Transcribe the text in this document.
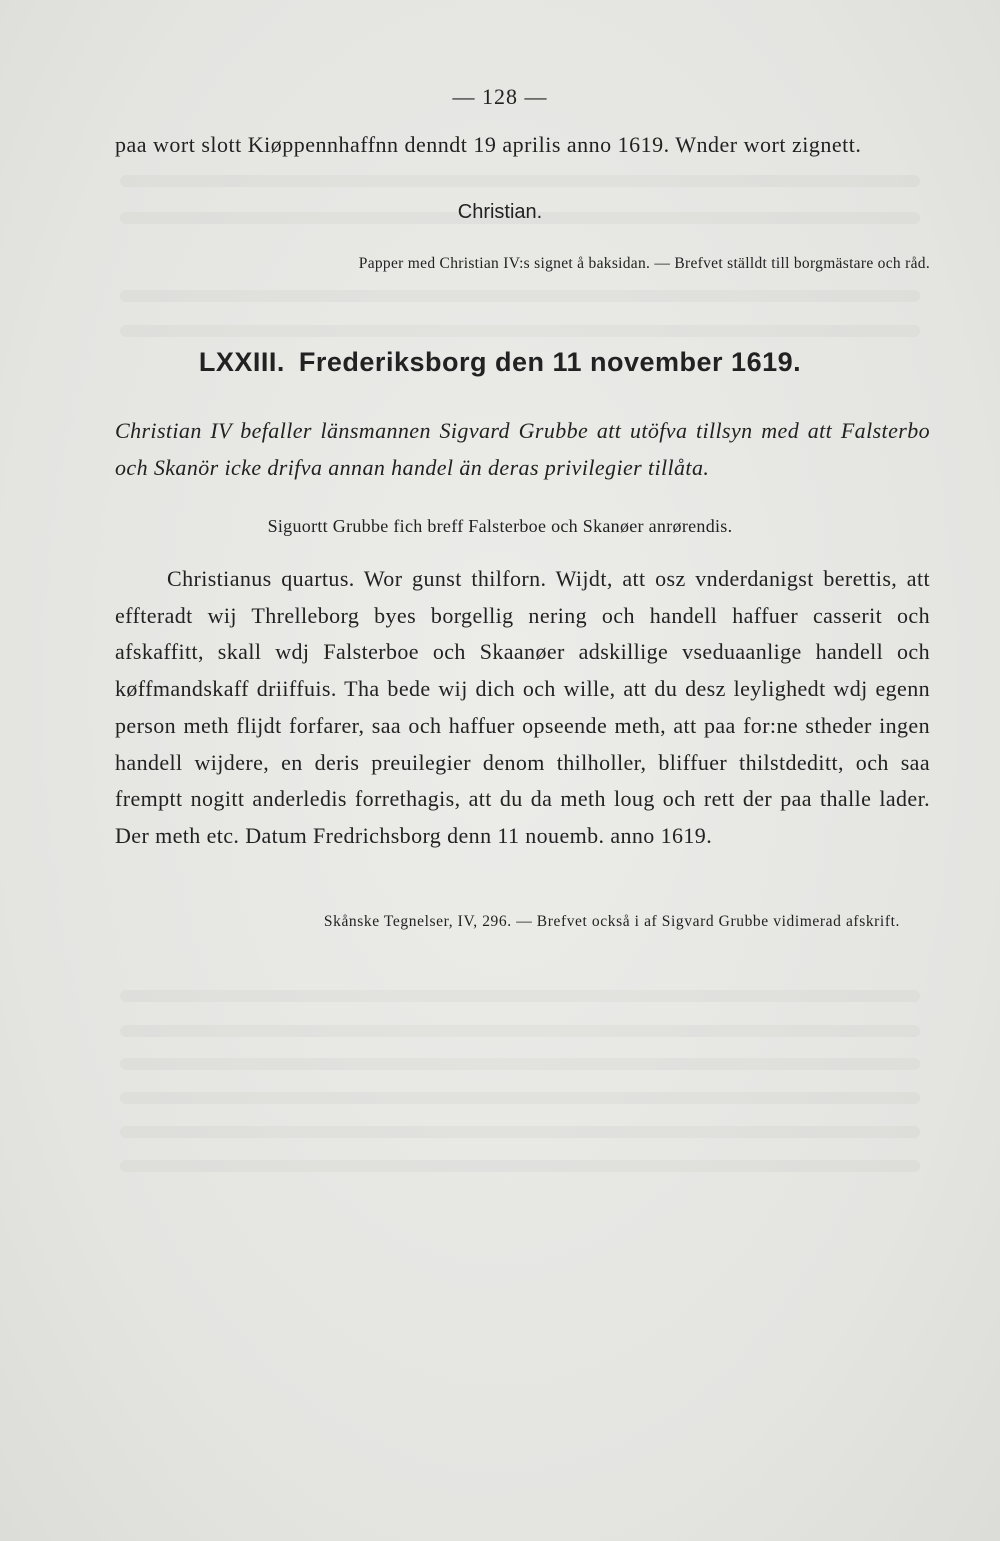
— 128 —
paa wort slott Kiøppennhaffnn denndt 19 aprilis anno 1619. Wnder wort zignett.
Christian.
Papper med Christian IV:s signet å baksidan. — Brefvet ställdt till borgmästare och råd.
LXXIII. Frederiksborg den 11 november 1619.
Christian IV befaller länsmannen Sigvard Grubbe att utöfva tillsyn med att Falsterbo och Skanör icke drifva annan handel än deras privilegier tillåta.
Siguortt Grubbe fich breff Falsterboe och Skanøer anrørendis.
Christianus quartus. Wor gunst thilforn. Wijdt, att osz vnderdanigst berettis, att effteradt wij Threlleborg byes borgellig nering och handell haffuer casserit och afskaffitt, skall wdj Falsterboe och Skaanøer adskillige vseduaanlige handell och køffmandskaff driiffuis. Tha bede wij dich och wille, att du desz leylighedt wdj egenn person meth flijdt forfarer, saa och haffuer opseende meth, att paa for:ne stheder ingen handell wijdere, en deris preuilegier denom thilholler, bliffuer thilstdeditt, och saa fremptt nogitt anderledis forrethagis, att du da meth loug och rett der paa thalle lader. Der meth etc. Datum Fredrichsborg denn 11 nouemb. anno 1619.
Skånske Tegnelser, IV, 296. — Brefvet också i af Sigvard Grubbe vidimerad afskrift.
